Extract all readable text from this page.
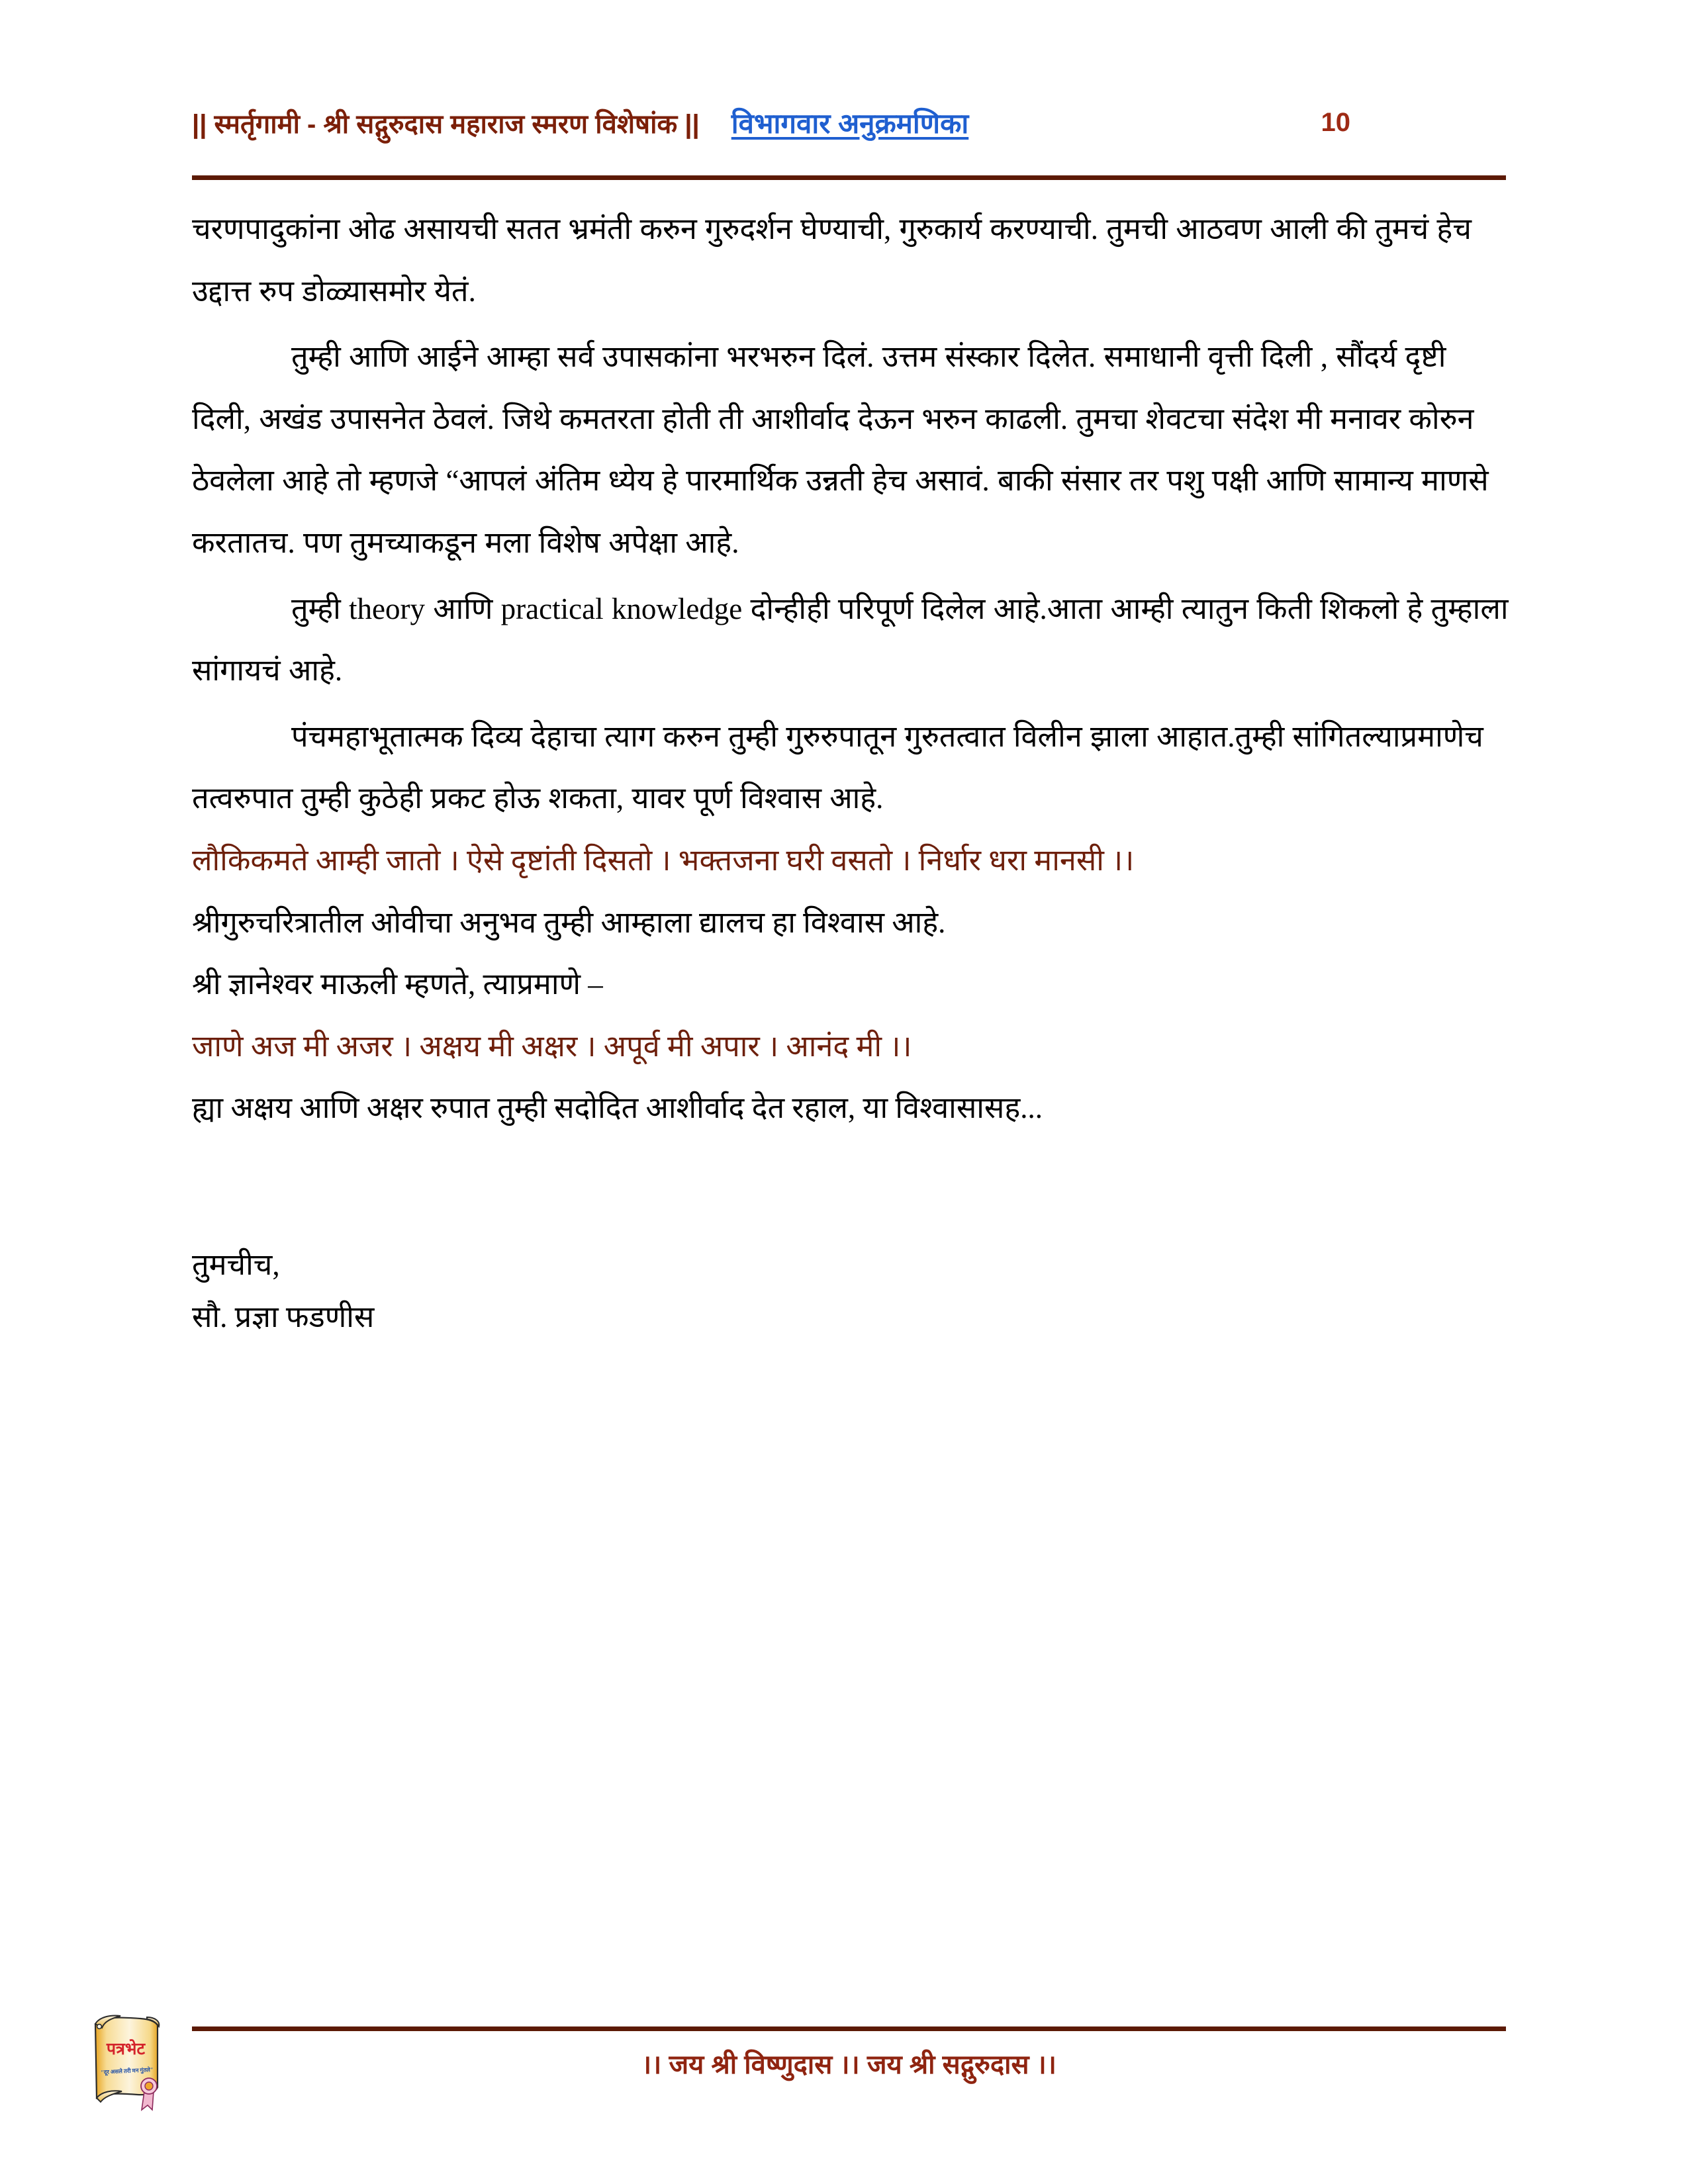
|| स्मर्तृगामी - श्री सद्गुरुदास महाराज स्मरण विशेषांक || विभागवार अनुक्रमणिका	10

चरणपादुकांना ओढ असायची सतत भ्रमंती करुन गुरुदर्शन घेण्याची, गुरुकार्य करण्याची. तुमची आठवण आली की तुमचं हेच उद्दात्त रुप डोळ्यासमोर येतं.

तुम्ही आणि आईने आम्हा सर्व उपासकांना भरभरुन दिलं. उत्तम संस्कार दिलेत. समाधानी वृत्ती दिली , सौंदर्य दृष्टी दिली, अखंड उपासनेत ठेवलं. जिथे कमतरता होती ती आशीर्वाद देऊन भरुन काढली. तुमचा शेवटचा संदेश मी मनावर कोरुन ठेवलेला आहे तो म्हणजे “आपलं अंतिम ध्येय हे पारमार्थिक उन्नती हेच असावं. बाकी संसार तर पशु पक्षी आणि सामान्य माणसे करतातच. पण तुमच्याकडून मला विशेष अपेक्षा आहे.

तुम्ही theory आणि practical knowledge दोन्हीही परिपूर्ण दिलेल आहे.आता आम्ही त्यातुन किती शिकलो हे तुम्हाला सांगायचं आहे.

पंचमहाभूतात्मक दिव्य देहाचा त्याग करुन तुम्ही गुरुरुपातून गुरुतत्वात विलीन झाला आहात.तुम्ही सांगितल्याप्रमाणेच तत्वरुपात तुम्ही कुठेही प्रकट होऊ शकता, यावर पूर्ण विश्वास आहे.

लौकिकमते आम्ही जातो । ऐसे दृष्टांती दिसतो । भक्तजना घरी वसतो । निर्धार धरा मानसी ।।

श्रीगुरुचरित्रातील ओवीचा अनुभव तुम्ही आम्हाला द्यालच हा विश्वास आहे.

श्री ज्ञानेश्वर माऊली म्हणते, त्याप्रमाणे –

जाणे अज मी अजर । अक्षय मी अक्षर । अपूर्व मी अपार । आनंद मी ।।

ह्या अक्षय आणि अक्षर रुपात तुम्ही सदोदित आशीर्वाद देत रहाल, या विश्वासासह...

तुमचीच,

सौ. प्रज्ञा फडणीस

।। जय श्री विष्णुदास ।। जय श्री सद्गुरुदास ।।
पत्रभेट
"दूर असले तरी मन गुंतले"
